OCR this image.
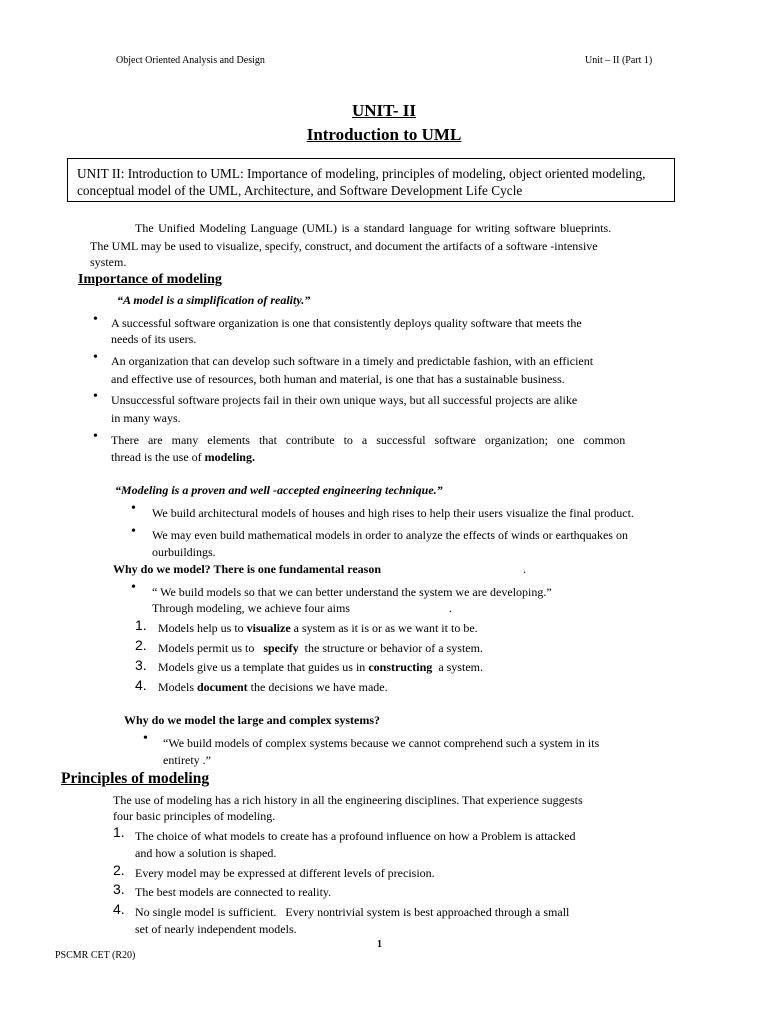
Object Oriented Analysis and Design	Unit – II (Part 1)
UNIT- II
Introduction to UML
UNIT II: Introduction to UML: Importance of modeling, principles of modeling, object oriented modeling,
conceptual model of the UML, Architecture, and Software Development Life Cycle
The Unified Modeling Language (UML) is a standard language for writing software blueprints.
The UML may be used to visualize, specify, construct, and document the artifacts of a software -intensive
system.
Importance of modeling
“A model is a simplification of reality.”
• A successful software organization is one that consistently deploys quality software that meets the
needs of its users.
• An organization that can develop such software in a timely and predictable fashion, with an efficient
and effective use of resources, both human and material, is one that has a sustainable business.
• Unsuccessful software projects fail in their own unique ways, but all successful projects are alike
in many ways.
• There are many elements that contribute to a successful software organization; one common
thread is the use of modeling.
“Modeling is a proven and well -accepted engineering technique.”
• We build architectural models of houses and high rises to help their users visualize the final product.
• We may even build mathematical models in order to analyze the effects of winds or earthquakes on
ourbuildings.
Why do we model? There is one fundamental reason	.
• “ We build models so that we can better understand the system we are developing.”
Through modeling, we achieve four aims	.
1. Models help us to visualize a system as it is or as we want it to be.
2. Models permit us to   specify  the structure or behavior of a system.
3. Models give us a template that guides us in constructing  a system.
4. Models document the decisions we have made.
Why do we model the large and complex systems?
• “We build models of complex systems because we cannot comprehend such a system in its
entirety .”
Principles of modeling
The use of modeling has a rich history in all the engineering disciplines. That experience suggests
four basic principles of modeling.
1. The choice of what models to create has a profound influence on how a Problem is attacked
and how a solution is shaped.
2. Every model may be expressed at different levels of precision.
3. The best models are connected to reality.
4. No single model is sufficient.   Every nontrivial system is best approached through a small
set of nearly independent models.
1
PSCMR CET (R20)
